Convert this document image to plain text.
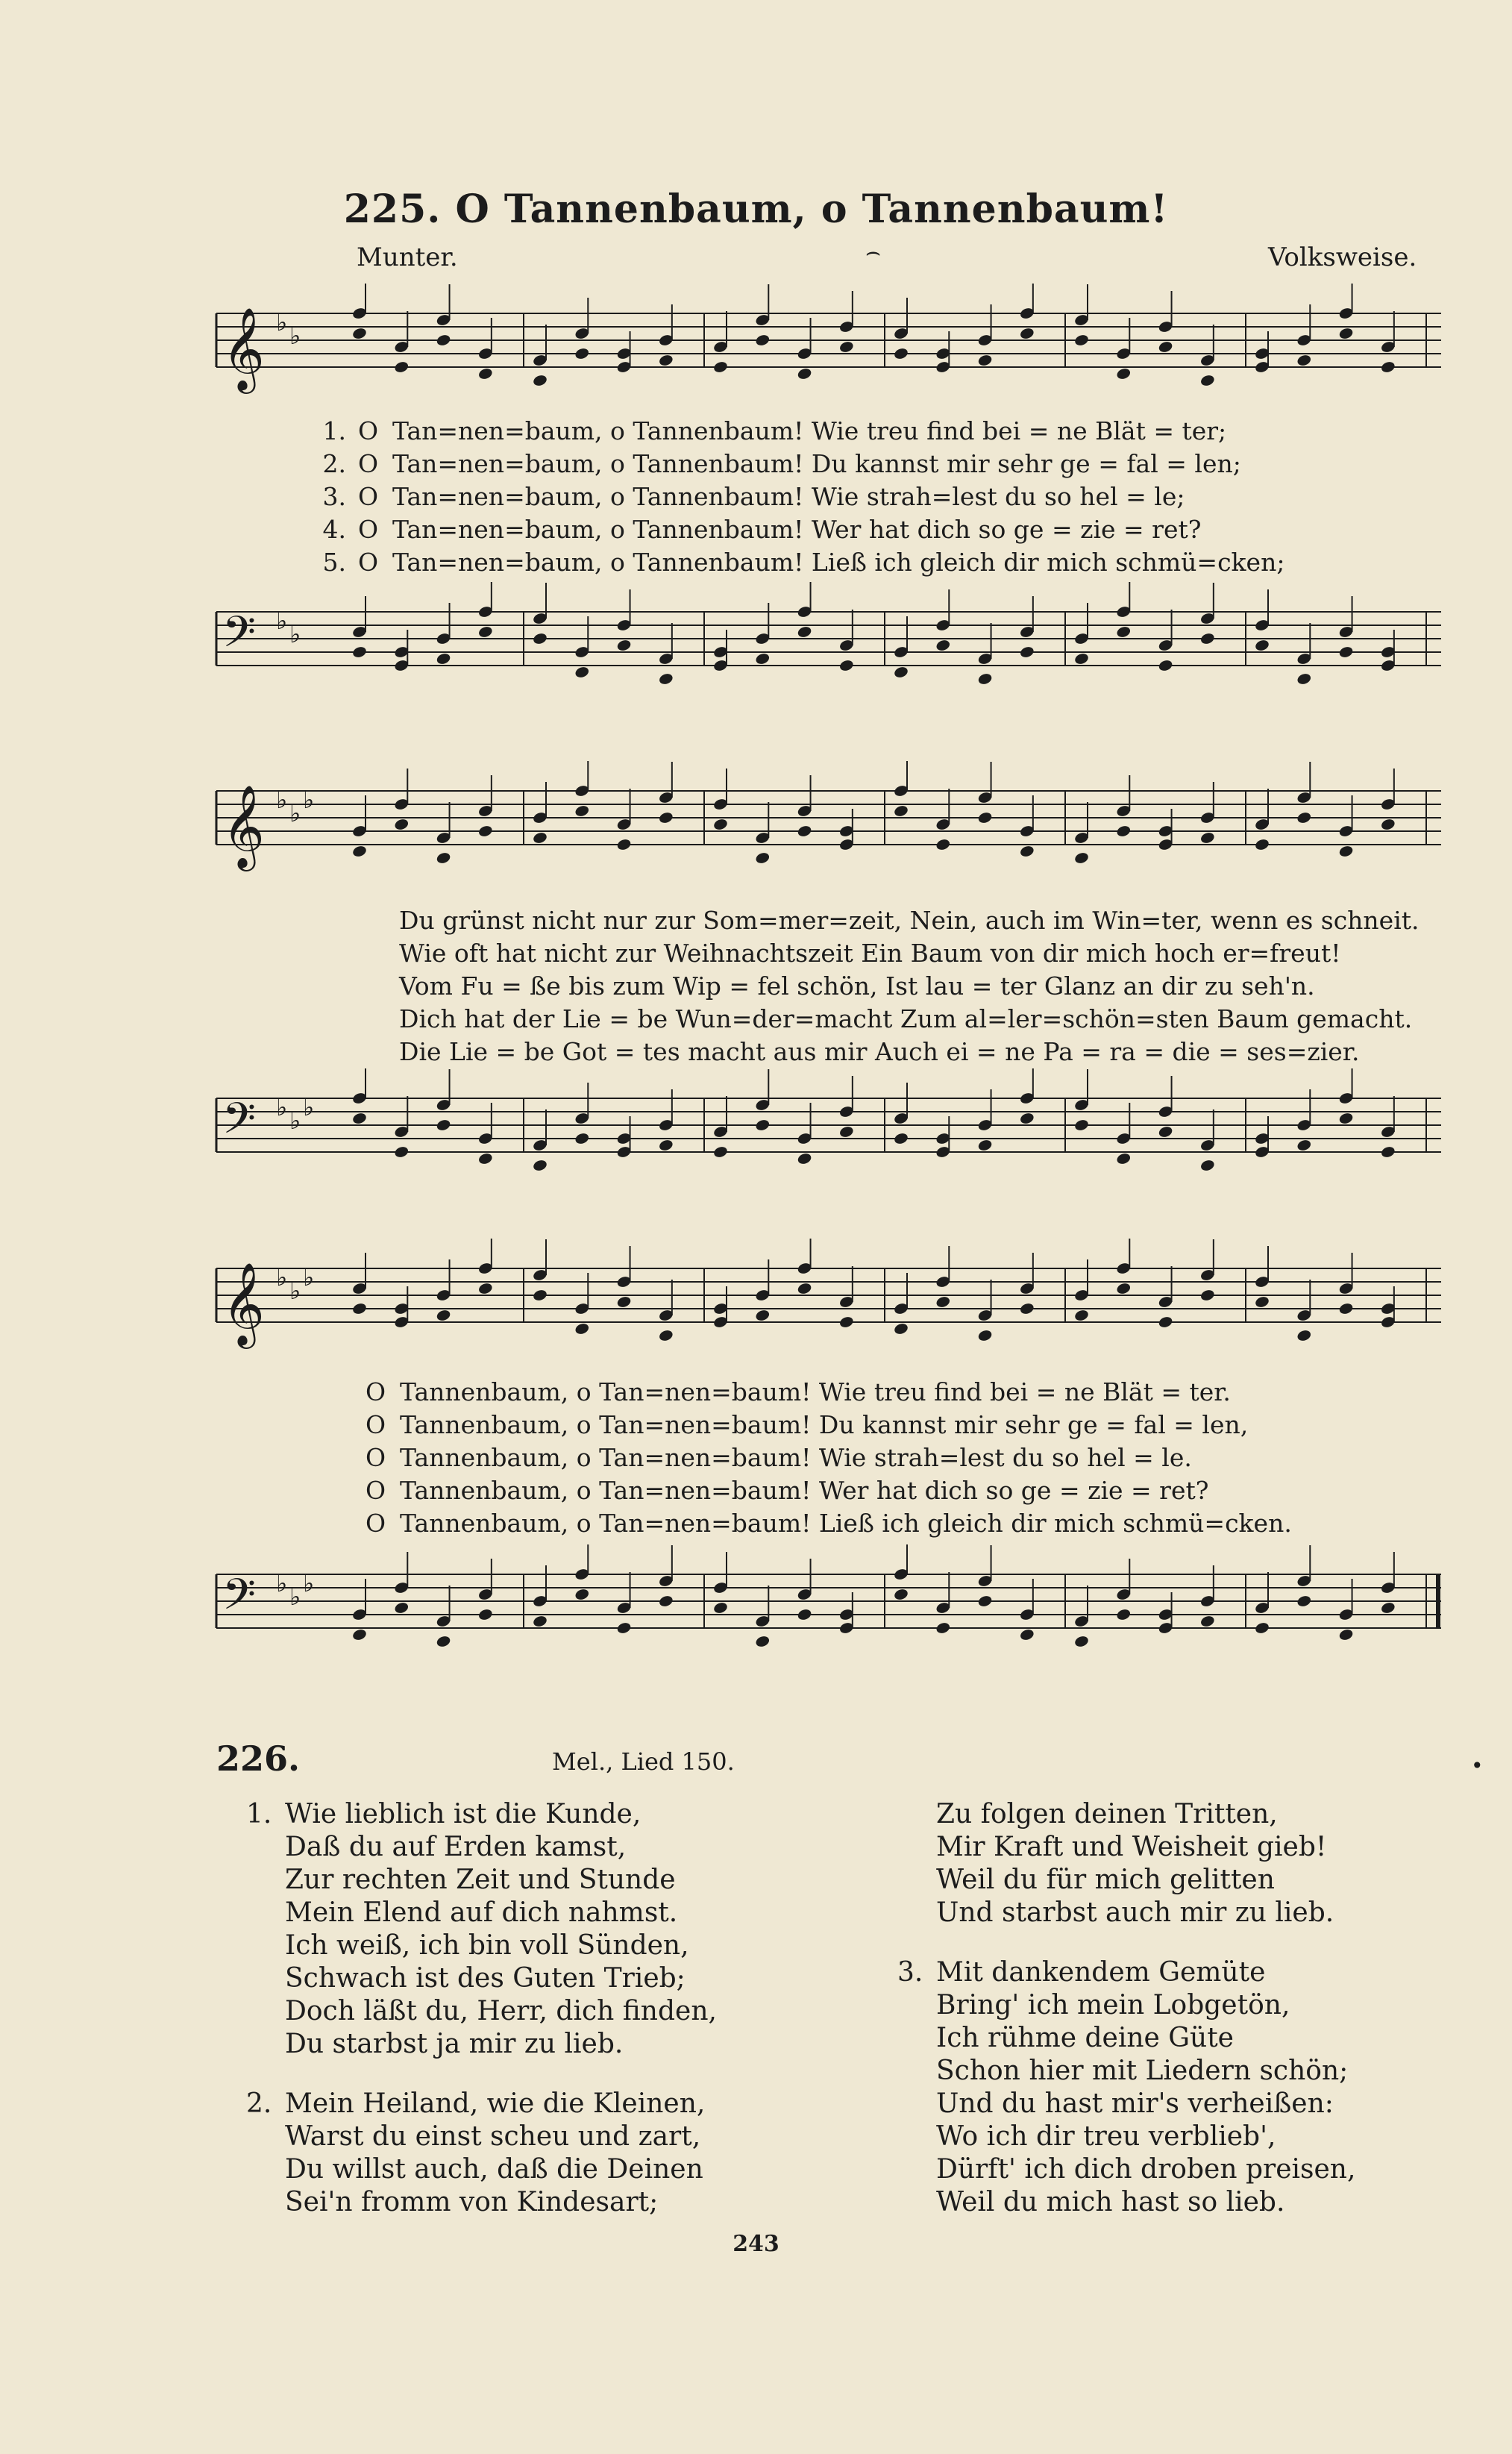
225. O Tannenbaum, o Tannenbaum!
Munter.	⌢	Volksweise.
𝄞 ♭ ♭
1. O Tan=nen=baum, o Tannenbaum! Wie treu find bei = ne Blät = ter;
2. O Tan=nen=baum, o Tannenbaum! Du kannst mir sehr ge = fal = len;
3. O Tan=nen=baum, o Tannenbaum! Wie strah=lest du so hel = le;
4. O Tan=nen=baum, o Tannenbaum! Wer hat dich so ge = zie = ret?
5. O Tan=nen=baum, o Tannenbaum! Ließ ich gleich dir mich schmü=cken;
𝄢 ♭ ♭
𝄞 ♭ ♭ ♭
Du grünst nicht nur zur Som=mer=zeit, Nein, auch im Win=ter, wenn es schneit.
Wie oft hat nicht zur Weihnachtszeit Ein Baum von dir mich hoch er=freut!
Vom Fu = ße bis zum Wip = fel schön, Ist lau = ter Glanz an dir zu seh'n.
Dich hat der Lie = be Wun=der=macht Zum al=ler=schön=sten Baum gemacht.
Die Lie = be Got = tes macht aus mir Auch ei = ne Pa = ra = die = ses=zier.
𝄢 ♭ ♭ ♭
𝄞 ♭ ♭ ♭
O Tannenbaum, o Tan=nen=baum! Wie treu find bei = ne Blät = ter.
O Tannenbaum, o Tan=nen=baum! Du kannst mir sehr ge = fal = len,
O Tannenbaum, o Tan=nen=baum! Wie strah=lest du so hel = le.
O Tannenbaum, o Tan=nen=baum! Wer hat dich so ge = zie = ret?
O Tannenbaum, o Tan=nen=baum! Ließ ich gleich dir mich schmü=cken.
𝄢 ♭ ♭ ♭
226.	Mel., Lied 150.	•
1. Wie lieblich ist die Kunde,
Daß du auf Erden kamst,
Zur rechten Zeit und Stunde
Mein Elend auf dich nahmst.
Ich weiß, ich bin voll Sünden,
Schwach ist des Guten Trieb;
Doch läßt du, Herr, dich finden,
Du starbst ja mir zu lieb.
2. Mein Heiland, wie die Kleinen,
Warst du einst scheu und zart,
Du willst auch, daß die Deinen
Sei'n fromm von Kindesart;
Zu folgen deinen Tritten,
Mir Kraft und Weisheit gieb!
Weil du für mich gelitten
Und starbst auch mir zu lieb.
3. Mit dankendem Gemüte
Bring' ich mein Lobgetön,
Ich rühme deine Güte
Schon hier mit Liedern schön;
Und du hast mir's verheißen:
Wo ich dir treu verblieb',
Dürft' ich dich droben preisen,
Weil du mich hast so lieb.
243
